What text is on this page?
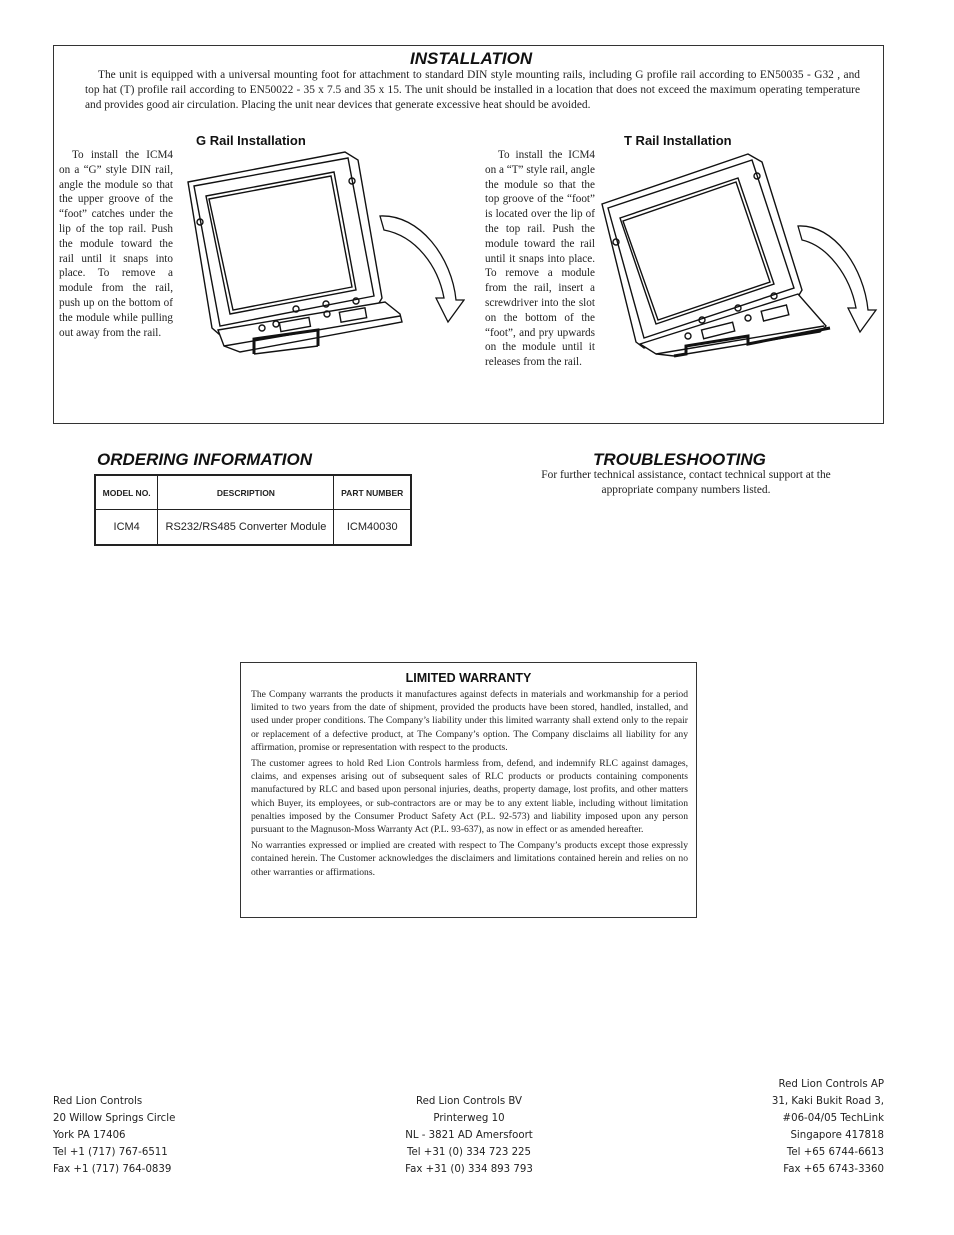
INSTALLATION
The unit is equipped with a universal mounting foot for attachment to standard DIN style mounting rails, including G profile rail according to EN50035 - G32 , and top hat (T) profile rail according to EN50022 - 35 x 7.5 and 35 x 15. The unit should be installed in a location that does not exceed the maximum operating temperature and provides good air circulation. Placing the unit near devices that generate excessive heat should be avoided.
G Rail Installation
To install the ICM4 on a “G” style DIN rail, angle the module so that the upper groove of the “foot” catches under the lip of the top rail. Push the module toward the rail until it snaps into place. To remove a module from the rail, push up on the bottom of the module while pulling out away from the rail.
T Rail Installation
To install the ICM4 on a “T” style rail, angle the module so that the top groove of the “foot” is located over the lip of the top rail. Push the module toward the rail until it snaps into place. To remove a module from the rail, insert a screwdriver into the slot on the bottom of the “foot”, and pry upwards on the module until it releases from the rail.
ORDERING INFORMATION
MODEL NO.	DESCRIPTION	PART NUMBER
ICM4	RS232/RS485 Converter Module	ICM40030
TROUBLESHOOTING
For further technical assistance, contact technical support at the appropriate company numbers listed.
LIMITED WARRANTY

The Company warrants the products it manufactures against defects in materials and workmanship for a period limited to two years from the date of shipment, provided the products have been stored, handled, installed, and used under proper conditions. The Company’s liability under this limited warranty shall extend only to the repair or replacement of a defective product, at The Company’s option. The Company disclaims all liability for any affirmation, promise or representation with respect to the products.

The customer agrees to hold Red Lion Controls harmless from, defend, and indemnify RLC against damages, claims, and expenses arising out of subsequent sales of RLC products or products containing components manufactured by RLC and based upon personal injuries, deaths, property damage, lost profits, and other matters which Buyer, its employees, or sub-contractors are or may be to any extent liable, including without limitation penalties imposed by the Consumer Product Safety Act (P.L. 92-573) and liability imposed upon any person pursuant to the Magnuson-Moss Warranty Act (P.L. 93-637), as now in effect or as amended hereafter.

No warranties expressed or implied are created with respect to The Company’s products except those expressly contained herein. The Customer acknowledges the disclaimers and limitations contained herein and relies on no other warranties or affirmations.

Red Lion Controls
20 Willow Springs Circle
York PA 17406
Tel +1 (717) 767-6511
Fax +1 (717) 764-0839
Red Lion Controls BV
Printerweg 10
NL - 3821 AD Amersfoort
Tel +31 (0) 334 723 225
Fax +31 (0) 334 893 793
Red Lion Controls AP
31, Kaki Bukit Road 3,
#06-04/05 TechLink
Singapore 417818
Tel +65 6744-6613
Fax +65 6743-3360
